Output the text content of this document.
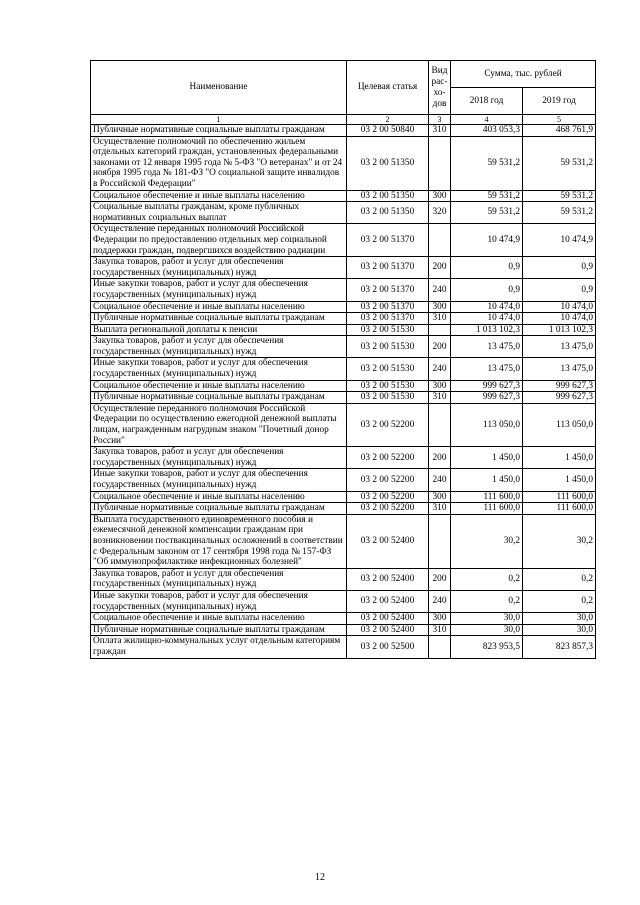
Наименование	Целевая статья	Вид рас- хо- дов	Сумма, тыс. рублей	
			2018 год	2019 год
1	2	3	4	5
Публичные нормативные социальные выплаты гражданам	03 2 00 50840	310	403 053,3	468 761,9
Осуществление полномочий по обеспечению жильем отдельных категорий граждан, установленных федеральными законами от 12 января 1995 года № 5-ФЗ "О ветеранах" и от 24 ноября 1995 года № 181-ФЗ "О социальной защите инвалидов в Российской Федерации"	03 2 00 51350		59 531,2	59 531,2
Социальное обеспечение и иные выплаты населению	03 2 00 51350	300	59 531,2	59 531,2
Социальные выплаты гражданам, кроме публичных нормативных социальных выплат	03 2 00 51350	320	59 531,2	59 531,2
Осуществление переданных полномочий Российской Федерации по предоставлению отдельных мер социальной поддержки граждан, подвергшихся воздействию радиации	03 2 00 51370		10 474,9	10 474,9
Закупка товаров, работ и услуг для обеспечения государственных (муниципальных) нужд	03 2 00 51370	200	0,9	0,9
Иные закупки товаров, работ и услуг для обеспечения государственных (муниципальных) нужд	03 2 00 51370	240	0,9	0,9
Социальное обеспечение и иные выплаты населению	03 2 00 51370	300	10 474,0	10 474,0
Публичные нормативные социальные выплаты гражданам	03 2 00 51370	310	10 474,0	10 474,0
Выплата региональной доплаты к пенсии	03 2 00 51530		1 013 102,3	1 013 102,3
Закупка товаров, работ и услуг для обеспечения государственных (муниципальных) нужд	03 2 00 51530	200	13 475,0	13 475,0
Иные закупки товаров, работ и услуг для обеспечения государственных (муниципальных) нужд	03 2 00 51530	240	13 475,0	13 475,0
Социальное обеспечение и иные выплаты населению	03 2 00 51530	300	999 627,3	999 627,3
Публичные нормативные социальные выплаты гражданам	03 2 00 51530	310	999 627,3	999 627,3
Осуществление переданного полномочия Российской Федерации по осуществлению ежегодной денежной выплаты лицам, награжденным нагрудным знаком "Почетный донор России"	03 2 00 52200		113 050,0	113 050,0
Закупка товаров, работ и услуг для обеспечения государственных (муниципальных) нужд	03 2 00 52200	200	1 450,0	1 450,0
Иные закупки товаров, работ и услуг для обеспечения государственных (муниципальных) нужд	03 2 00 52200	240	1 450,0	1 450,0
Социальное обеспечение и иные выплаты населению	03 2 00 52200	300	111 600,0	111 600,0
Публичные нормативные социальные выплаты гражданам	03 2 00 52200	310	111 600,0	111 600,0
Выплата государственного единовременного пособия и ежемесячной денежной компенсации гражданам при возникновении поствакцинальных осложнений в соответствии с Федеральным законом от 17 сентября 1998 года № 157-ФЗ "Об иммунопрофилактике инфекционных болезней"	03 2 00 52400		30,2	30,2
Закупка товаров, работ и услуг для обеспечения государственных (муниципальных) нужд	03 2 00 52400	200	0,2	0,2
Иные закупки товаров, работ и услуг для обеспечения государственных (муниципальных) нужд	03 2 00 52400	240	0,2	0,2
Социальное обеспечение и иные выплаты населению	03 2 00 52400	300	30,0	30,0
Публичные нормативные социальные выплаты гражданам	03 2 00 52400	310	30,0	30,0
Оплата жилищно-коммунальных услуг отдельным категориям граждан	03 2 00 52500		823 953,5	823 857,3
12
